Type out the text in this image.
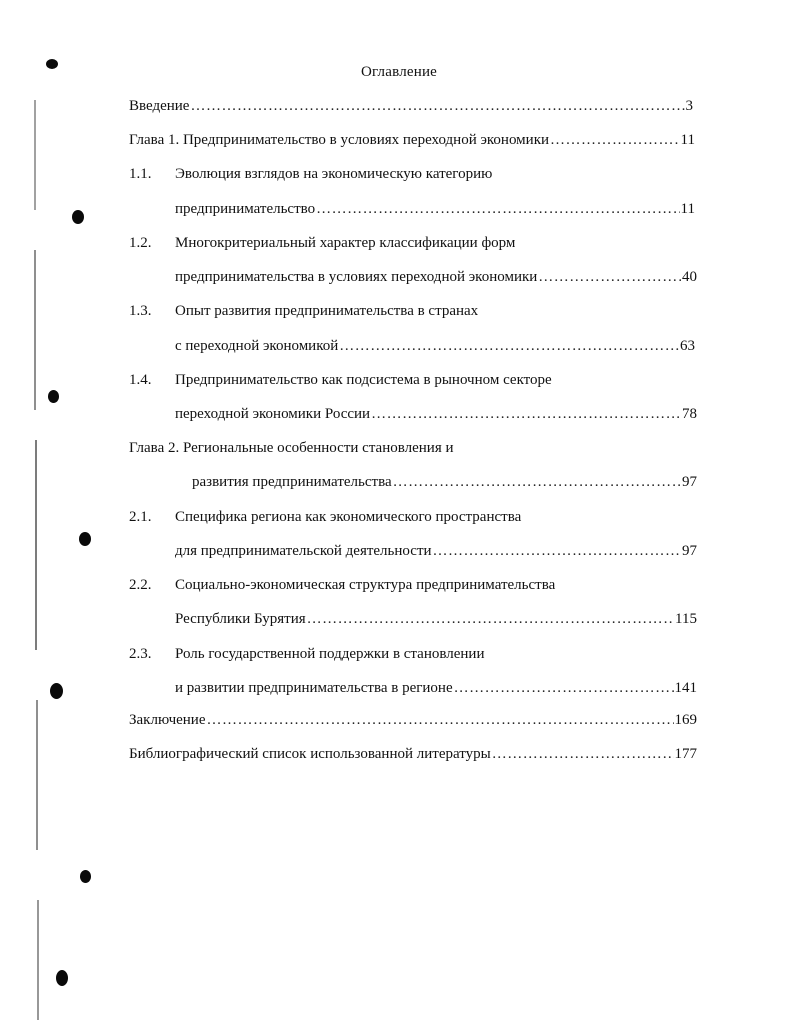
Оглавление
Введение ……………………………………………………………………………………………………………………………………………………	3
Глава 1. Предпринимательство в условиях переходной экономики ……………………………………………………………………………………………………………………………………………………	11
1.1. Эволюция взглядов на экономическую категорию
предпринимательство ……………………………………………………………………………………………………………………………………………………	11
1.2. Многокритериальный характер классификации форм
предпринимательства в условиях переходной экономики ……………………………………………………………………………………………………………………………………………………	40
1.3. Опыт развития предпринимательства в странах
с переходной экономикой ……………………………………………………………………………………………………………………………………………………	63
1.4. Предпринимательство как подсистема в рыночном секторе
переходной экономики России ……………………………………………………………………………………………………………………………………………………	78
Глава 2. Региональные особенности становления и
развития предпринимательства ……………………………………………………………………………………………………………………………………………………	97
2.1. Специфика региона как экономического пространства
для предпринимательской деятельности ……………………………………………………………………………………………………………………………………………………	97
2.2. Социально-экономическая структура предпринимательства
Республики Бурятия ……………………………………………………………………………………………………………………………………………………	115
2.3. Роль государственной поддержки в становлении
и развитии предпринимательства в регионе ……………………………………………………………………………………………………………………………………………………	141
Заключение ……………………………………………………………………………………………………………………………………………………	169
Библиографический список использованной литературы ……………………………………………………………………………………………………………………………………………………	177
